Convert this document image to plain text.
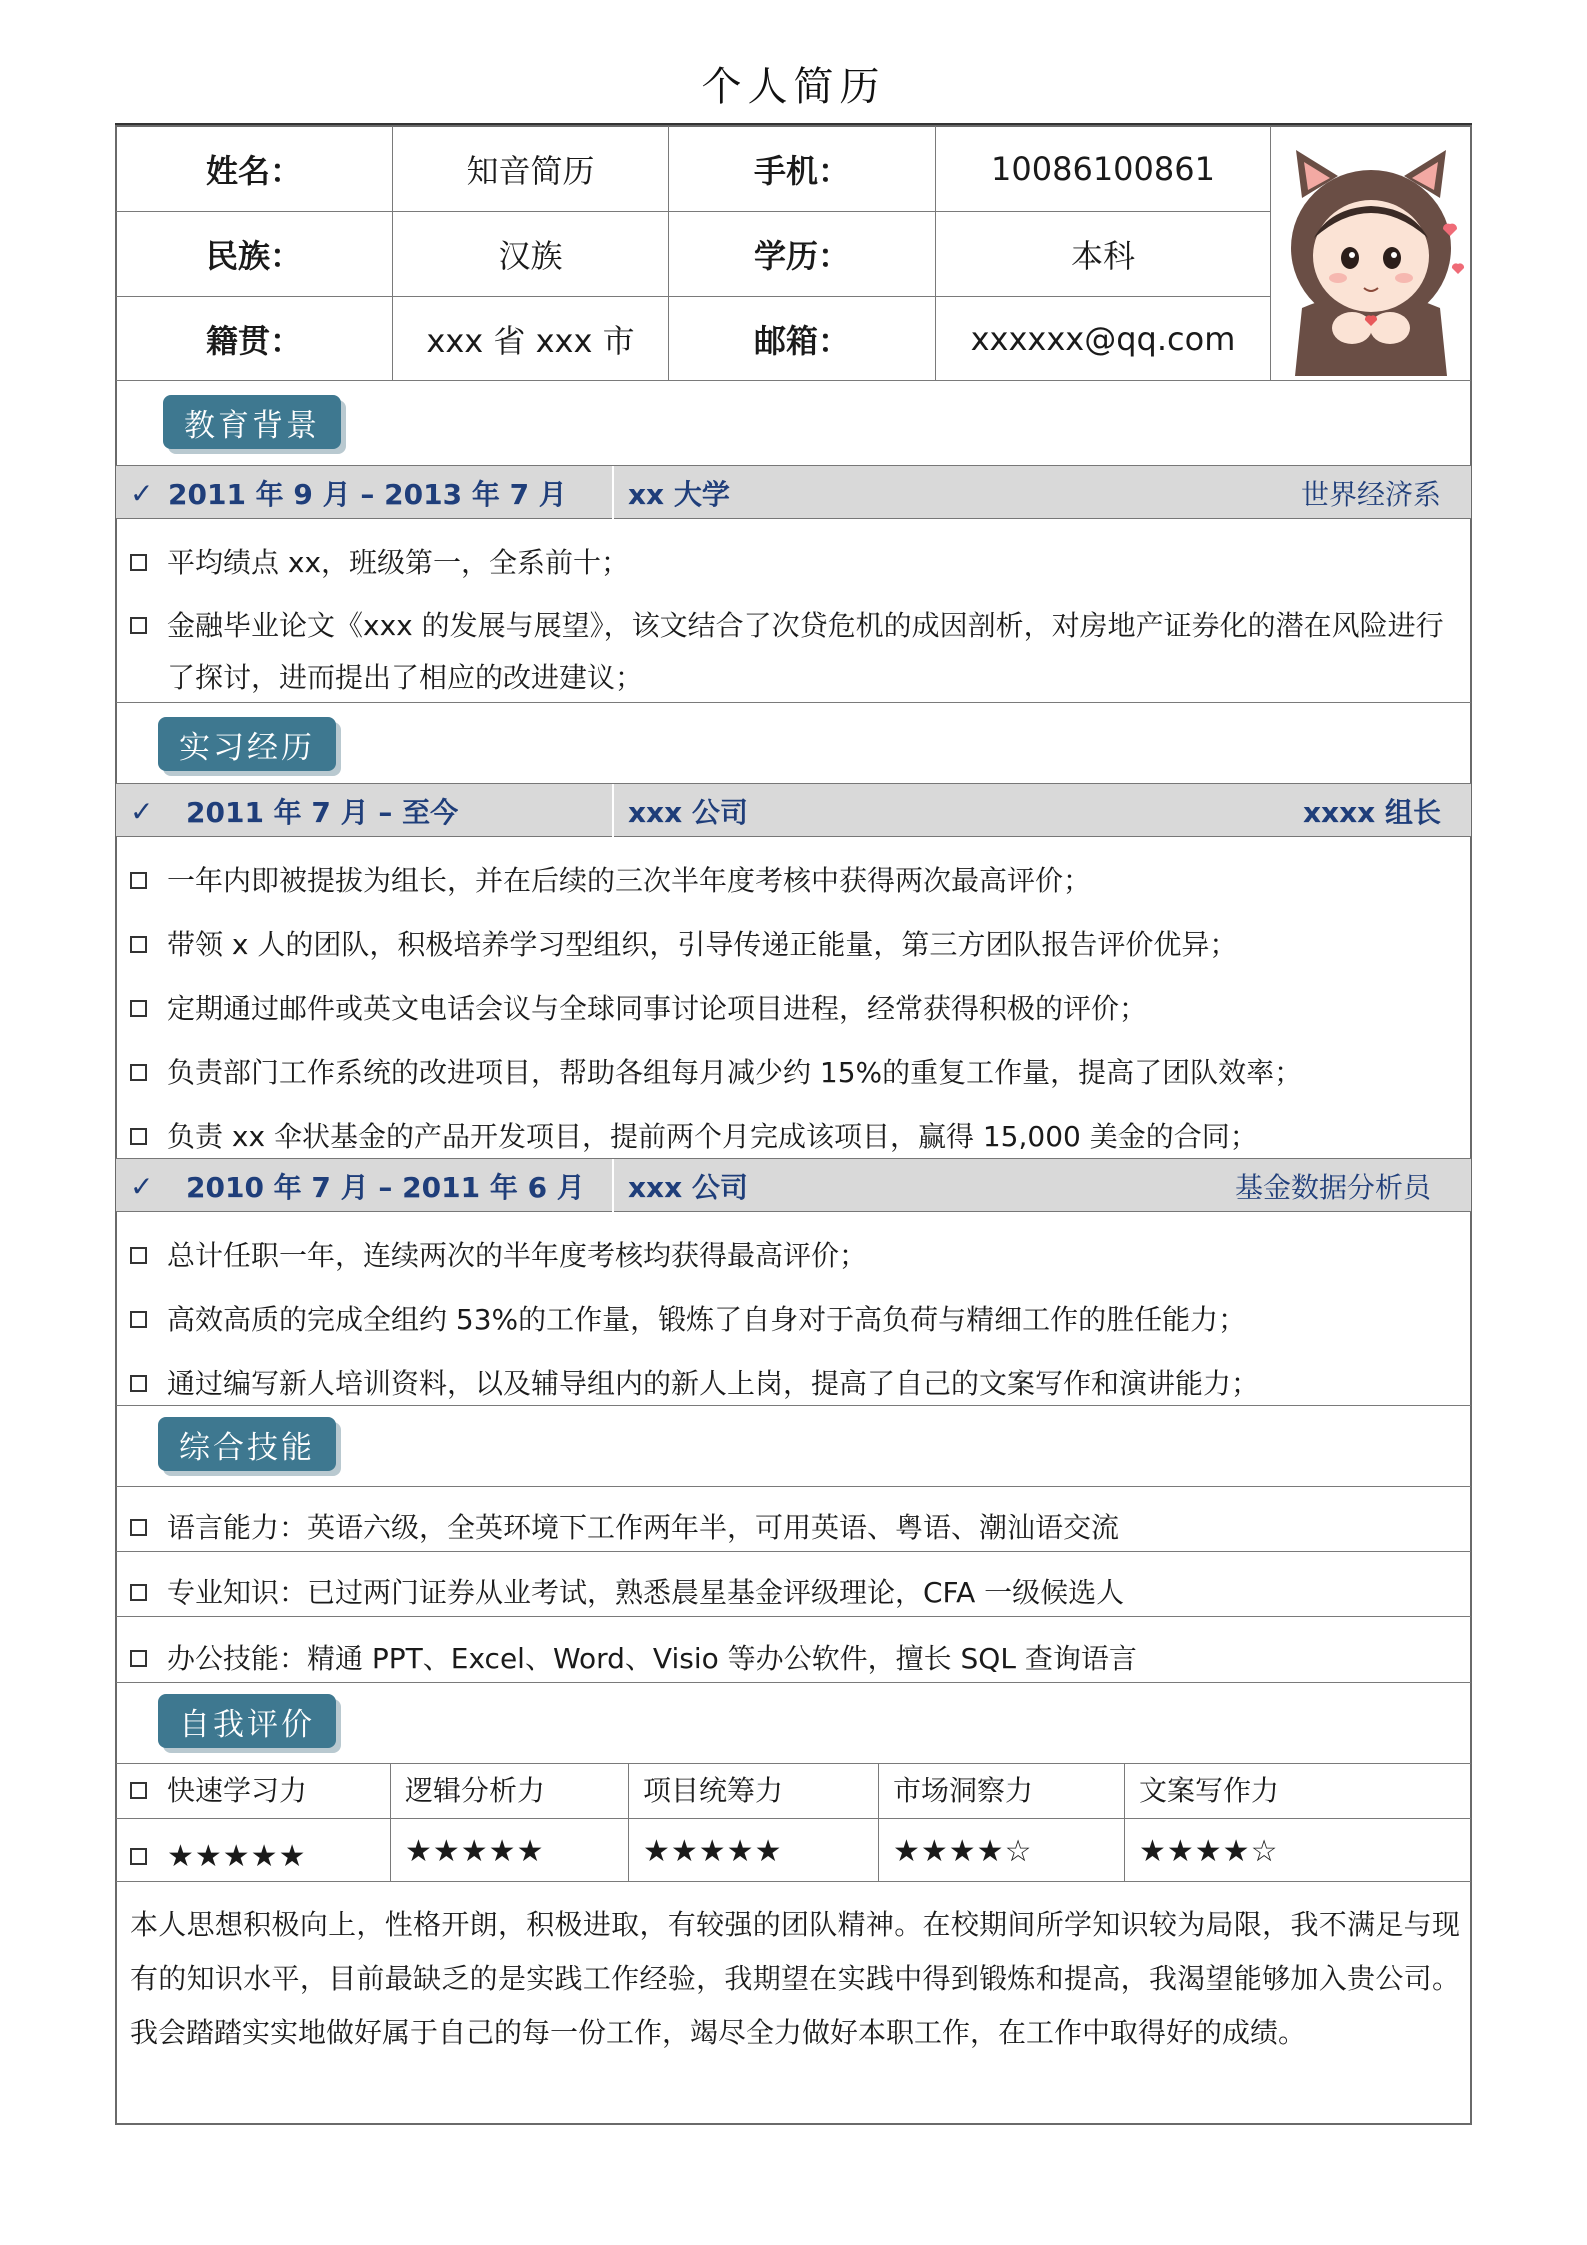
个人简历
姓名：	知音简历	手机：	10086100861
民族：	汉族	学历：	本科
籍贯：	xxx 省 xxx 市	邮箱：	xxxxxx@qq.com
教育背景
✓ 2011 年 9 月 – 2013 年 7 月 xx 大学	世界经济系
平均绩点 xx，班级第一，全系前十；
金融毕业论文《xxx 的发展与展望》，该文结合了次贷危机的成因剖析，对房地产证券化的潜在风险进行了探讨，进而提出了相应的改进建议；
实习经历
✓ 2011 年 7 月 – 至今	xxx 公司	xxxx 组长
一年内即被提拔为组长，并在后续的三次半年度考核中获得两次最高评价；
带领 x 人的团队，积极培养学习型组织，引导传递正能量，第三方团队报告评价优异；
定期通过邮件或英文电话会议与全球同事讨论项目进程，经常获得积极的评价；
负责部门工作系统的改进项目，帮助各组每月减少约 15%的重复工作量，提高了团队效率；
负责 xx 伞状基金的产品开发项目，提前两个月完成该项目，赢得 15,000 美金的合同；
✓ 2010 年 7 月 – 2011 年 6 月 xxx 公司	基金数据分析员
总计任职一年，连续两次的半年度考核均获得最高评价；
高效高质的完成全组约 53%的工作量，锻炼了自身对于高负荷与精细工作的胜任能力；
通过编写新人培训资料，以及辅导组内的新人上岗，提高了自己的文案写作和演讲能力；
综合技能
语言能力：英语六级，全英环境下工作两年半，可用英语、粤语、潮汕语交流
专业知识：已过两门证券从业考试，熟悉晨星基金评级理论，CFA 一级候选人
办公技能：精通 PPT、Excel、Word、Visio 等办公软件，擅长 SQL 查询语言
自我评价
快速学习力	逻辑分析力	项目统筹力	市场洞察力	文案写作力
★★★★★	★★★★★	★★★★★	★★★★☆	★★★★☆
本人思想积极向上，性格开朗，积极进取，有较强的团队精神。在校期间所学知识较为局限，我不满足与现有的知识水平，目前最缺乏的是实践工作经验，我期望在实践中得到锻炼和提高，我渴望能够加入贵公司。我会踏踏实实地做好属于自己的每一份工作，竭尽全力做好本职工作，在工作中取得好的成绩。
